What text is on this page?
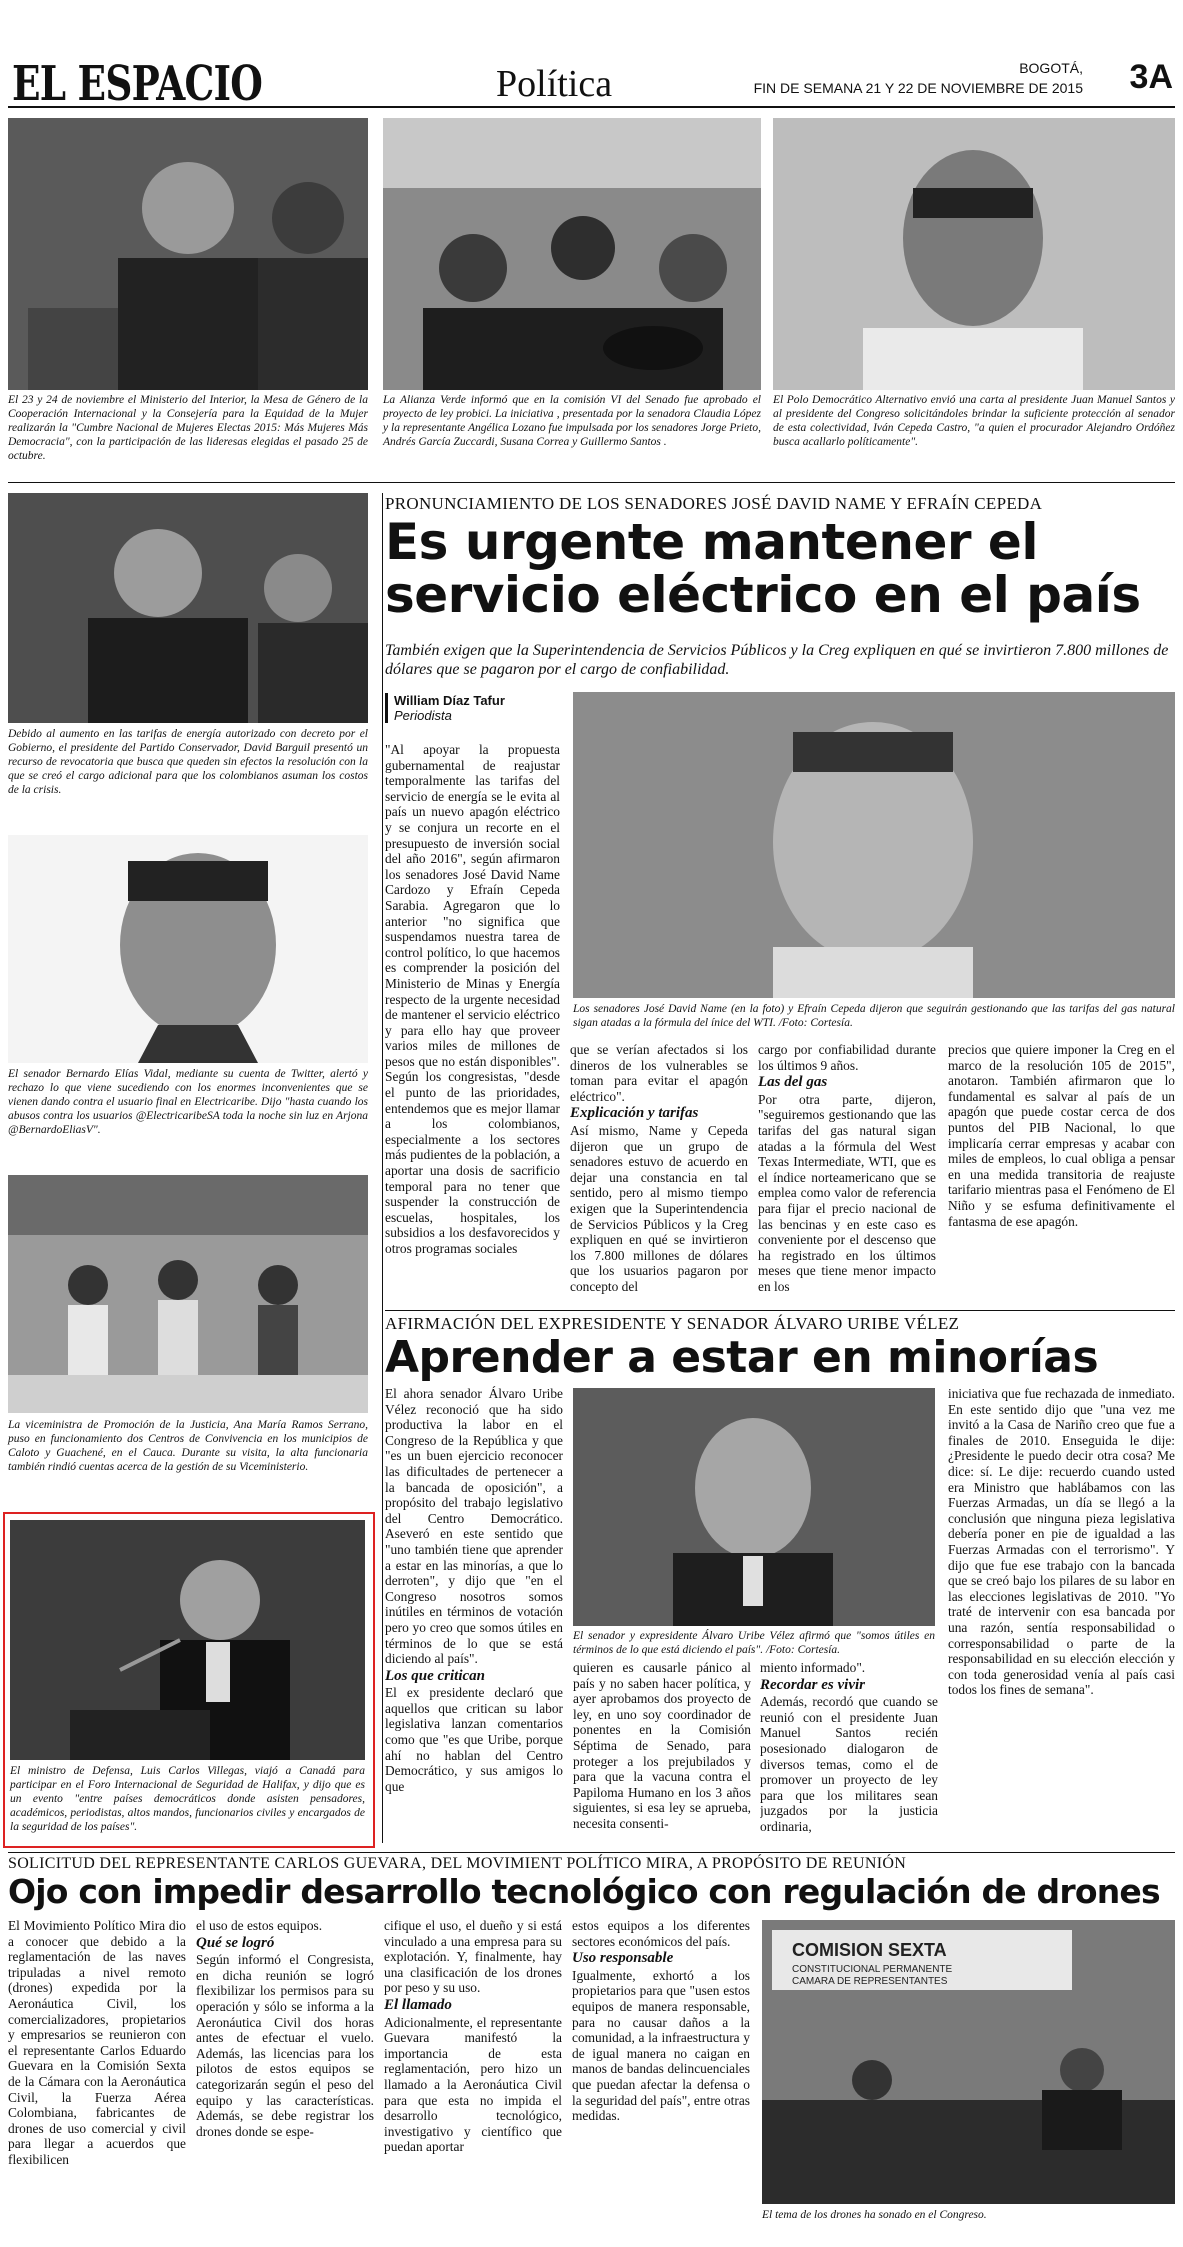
EL ESPACIO	Política	BOGOTÁ,
FIN DE SEMANA 21 Y 22 DE NOVIEMBRE DE 2015 3A
El 23 y 24 de noviembre el Ministerio del Interior, la Mesa de Género de la Cooperación Internacional y la Consejería para la Equidad de la Mujer realizarán la "Cumbre Nacional de Mujeres Electas 2015: Más Mujeres Más Democracia", con la participación de las lideresas elegidas el pasado 25 de octubre.
La Alianza Verde informó que en la comisión VI del Senado fue aprobado el proyecto de ley probici. La iniciativa , presentada por la senadora Claudia López y la representante Angélica Lozano fue impulsada por los senadores Jorge Prieto, Andrés García Zuccardi, Susana Correa y Guillermo Santos .
El Polo Democrático Alternativo envió una carta al presidente Juan Manuel Santos y al presidente del Congreso solicitándoles brindar la suficiente protección al senador de esta colectividad, Iván Cepeda Castro, "a quien el procurador Alejandro Ordóñez busca acallarlo políticamente".
Debido al aumento en las tarifas de energía autorizado con decreto por el Gobierno, el presidente del Partido Conservador, David Barguil presentó un recurso de revocatoria que busca que queden sin efectos la resolución con la que se creó el cargo adicional para que los colombianos asuman los costos de la crisis.
El senador Bernardo Elías Vidal, mediante su cuenta de Twitter, alertó y rechazo lo que viene sucediendo con los enormes inconvenientes que se vienen dando contra el usuario final en Electricaribe. Dijo "hasta cuando los abusos contra los usuarios @ElectricaribeSA toda la noche sin luz en Arjona @BernardoEliasV".
La viceministra de Promoción de la Justicia, Ana María Ramos Serrano, puso en funcionamiento dos Centros de Convivencia en los municipios de Caloto y Guachené, en el Cauca. Durante su visita, la alta funcionaria también rindió cuentas acerca de la gestión de su Viceministerio.
El ministro de Defensa, Luis Carlos Villegas, viajó a Canadá para participar en el Foro Internacional de Seguridad de Halifax, y dijo que es un evento "entre países democráticos donde asisten pensadores, académicos, periodistas, altos mandos, funcionarios civiles y encargados de la seguridad de los países".
PRONUNCIAMIENTO DE LOS SENADORES JOSÉ DAVID NAME Y EFRAÍN CEPEDA
Es urgente mantener el
servicio eléctrico en el país
También exigen que la Superintendencia de Servicios Públicos y la Creg expliquen en qué se invirtieron 7.800 millones de dólares que se pagaron por el cargo de confiabilidad.
William Díaz Tafur
Periodista
"Al apoyar la propuesta gubernamental de reajustar temporalmente las tarifas del servicio de energía se le evita al país un nuevo apagón eléctrico y se conjura un recorte en el presupuesto de inversión social del año 2016", según afirmaron los senadores José David Name Cardozo y Efraín Cepeda Sarabia. Agregaron que lo anterior "no significa que suspendamos nuestra tarea de control político, lo que hacemos es comprender la posición del Ministerio de Minas y Energía respecto de la urgente necesidad de mantener el servicio eléctrico y para ello hay que proveer varios miles de millones de pesos que no están disponibles". Según los congresistas, "desde el punto de las prioridades, entendemos que es mejor llamar a los colombianos, especialmente a los sectores más pudientes de la población, a aportar una dosis de sacrificio temporal para no tener que suspender la construcción de escuelas, hospitales, los subsidios a los desfavorecidos y otros programas sociales
Los senadores José David Name (en la foto) y Efraín Cepeda dijeron que seguirán gestionando que las tarifas del gas natural sigan atadas a la fórmula del ínice del WTI. /Foto: Cortesía.

que se verían afectados si los dineros de los vulnerables se toman para evitar el apagón eléctrico".

Explicación y tarifas

Así mismo, Name y Cepeda dijeron que un grupo de senadores estuvo de acuerdo en dejar una constancia en tal sentido, pero al mismo tiempo exigen que la Superintendencia de Servicios Públicos y la Creg expliquen en qué se invirtieron los 7.800 millones de dólares que los usuarios pagaron por concepto del

cargo por confiabilidad durante los últimos 9 años.

Las del gas

Por otra parte, dijeron, "seguiremos gestionando que las tarifas del gas natural sigan atadas a la fórmula del West Texas Intermediate, WTI, que es el índice norteamericano que se emplea como valor de referencia para fijar el precio nacional de las bencinas y en este caso es conveniente por el descenso que ha registrado en los últimos meses que tiene menor impacto en los

precios que quiere imponer la Creg en el marco de la resolución 105 de 2015", anotaron. También afirmaron que lo fundamental es salvar al país de un apagón que puede costar cerca de dos puntos del PIB Nacional, lo que implicaría cerrar empresas y acabar con miles de empleos, lo cual obliga a pensar en una medida transitoria de reajuste tarifario mientras pasa el Fenómeno de El Niño y se esfuma definitivamente el fantasma de ese apagón.
AFIRMACIÓN DEL EXPRESIDENTE Y SENADOR ÁLVARO URIBE VÉLEZ
Aprender a estar en minorías

El ahora senador Álvaro Uribe Vélez reconoció que ha sido productiva la labor en el Congreso de la República y que "es un buen ejercicio reconocer las dificultades de pertenecer a la bancada de oposición", a propósito del trabajo legislativo del Centro Democrático. Aseveró en este sentido que "uno también tiene que aprender a estar en las minorías, a que lo derroten", y dijo que "en el Congreso nosotros somos inútiles en términos de votación pero yo creo que somos útiles en términos de lo que se está diciendo al país".

Los que critican

El ex presidente declaró que aquellos que critican su labor legislativa lanzan comentarios como que "es que Uribe, porque ahí no hablan del Centro Democrático, y sus amigos lo que

El senador y expresidente Álvaro Uribe Vélez afirmó que "somos útiles en términos de lo que está diciendo el país". /Foto: Cortesía.
quieren es causarle pánico al país y no saben hacer política, y ayer aprobamos dos proyecto de ley, en uno soy coordinador de ponentes en la Comisión Séptima de Senado, para proteger a los prejubilados y para que la vacuna contra el Papiloma Humano en los 3 años siguientes, si esa ley se aprueba, necesita consenti-

miento informado".

Recordar es vivir

Además, recordó que cuando se reunió con el presidente Juan Manuel Santos recién posesionado dialogaron de diversos temas, como el de promover un proyecto de ley para que los militares sean juzgados por la justicia ordinaria,

iniciativa que fue rechazada de inmediato. En este sentido dijo que "una vez me invitó a la Casa de Nariño creo que fue a finales de 2010. Enseguida le dije: ¿Presidente le puedo decir otra cosa? Me dice: sí. Le dije: recuerdo cuando usted era Ministro que hablábamos con las Fuerzas Armadas, un día se llegó a la conclusión que ninguna pieza legislativa debería poner en pie de igualdad a las Fuerzas Armadas con el terrorismo". Y dijo que fue ese trabajo con la bancada que se creó bajo los pilares de su labor en las elecciones legislativas de 2010. "Yo traté de intervenir con esa bancada por una razón, sentía responsabilidad o corresponsabilidad o parte de la responsabilidad en su elección elección y con toda generosidad venía al país casi todos los fines de semana".
SOLICITUD DEL REPRESENTANTE CARLOS GUEVARA, DEL MOVIMIENT POLÍTICO MIRA, A PROPÓSITO DE REUNIÓN
Ojo con impedir desarrollo tecnológico con regulación de drones
El Movimiento Político Mira dio a conocer que debido a la reglamentación de las naves tripuladas a nivel remoto (drones) expedida por la Aeronáutica Civil, los comercializadores, propietarios y empresarios se reunieron con el representante Carlos Eduardo Guevara en la Comisión Sexta de la Cámara con la Aeronáutica Civil, la Fuerza Aérea Colombiana, fabricantes de drones de uso comercial y civil para llegar a acuerdos que flexibilicen

el uso de estos equipos.

Qué se logró

Según informó el Congresista, en dicha reunión se logró flexibilizar los permisos para su operación y sólo se informa a la Aeronáutica Civil dos horas antes de efectuar el vuelo. Además, las licencias para los pilotos de estos equipos se categorizarán según el peso del equipo y las características. Además, se debe registrar los drones donde se espe-

cifique el uso, el dueño y si está vinculado a una empresa para su explotación. Y, finalmente, hay una clasificación de los drones por peso y su uso.

El llamado

Adicionalmente, el representante Guevara manifestó la importancia de esta reglamentación, pero hizo un llamado a la Aeronáutica Civil para que esta no impida el desarrollo tecnológico, investigativo y científico que puedan aportar

estos equipos a los diferentes sectores económicos del país.

Uso responsable

Igualmente, exhortó a los propietarios para que "usen estos equipos de manera responsable, para no causar daños a la comunidad, a la infraestructura y de igual manera no caigan en manos de bandas delincuenciales que puedan afectar la defensa o la seguridad del país", entre otras medidas.

COMISION SEXTA
CONSTITUCIONAL PERMANENTE
CAMARA DE REPRESENTANTES
El tema de los drones ha sonado en el Congreso.
